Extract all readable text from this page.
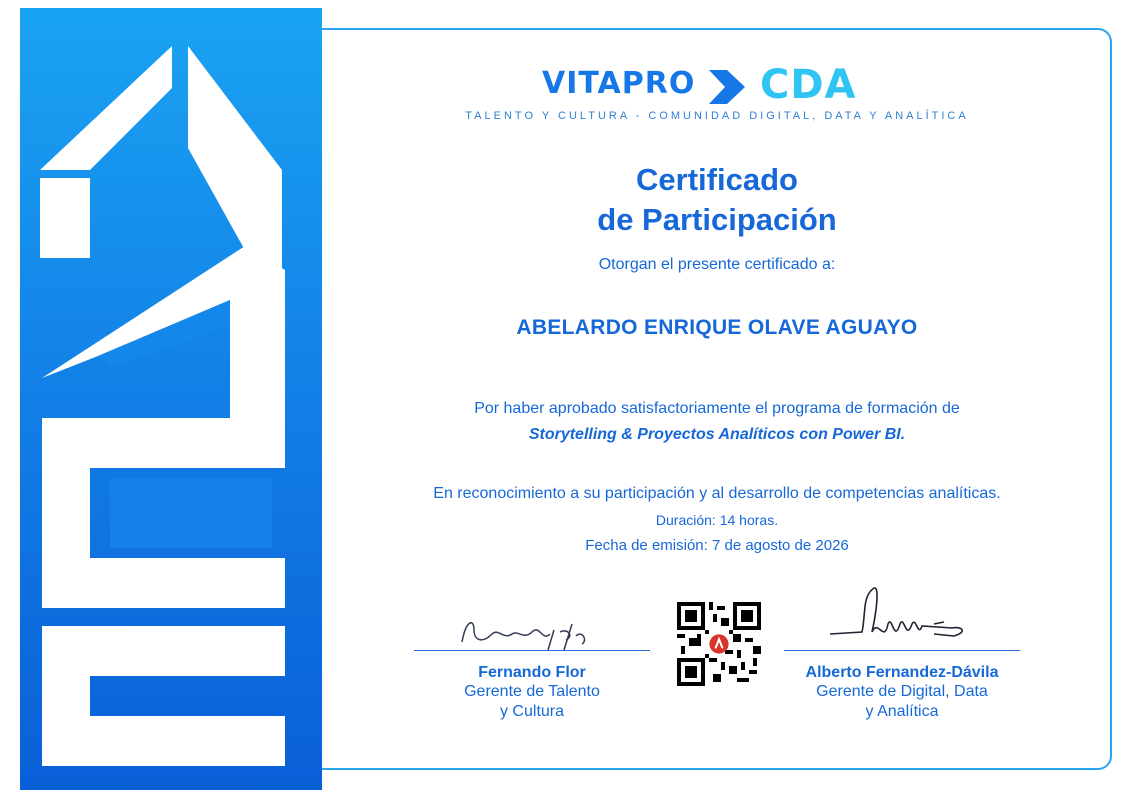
VITAPRO CDA
TALENTO Y CULTURA - COMUNIDAD DIGITAL, DATA Y ANALÍTICA
Certificado
de Participación
Otorgan el presente certificado a:
ABELARDO ENRIQUE OLAVE AGUAYO
Por haber aprobado satisfactoriamente el programa de formación de
Storytelling & Proyectos Analíticos con Power BI.
En reconocimiento a su participación y al desarrollo de competencias analíticas.
Duración: 14 horas.
Fecha de emisión: 7 de agosto de 2026
Fernando Flor
Gerente de Talento
y Cultura
Alberto Fernandez-Dávila
Gerente de Digital, Data
y Analítica
